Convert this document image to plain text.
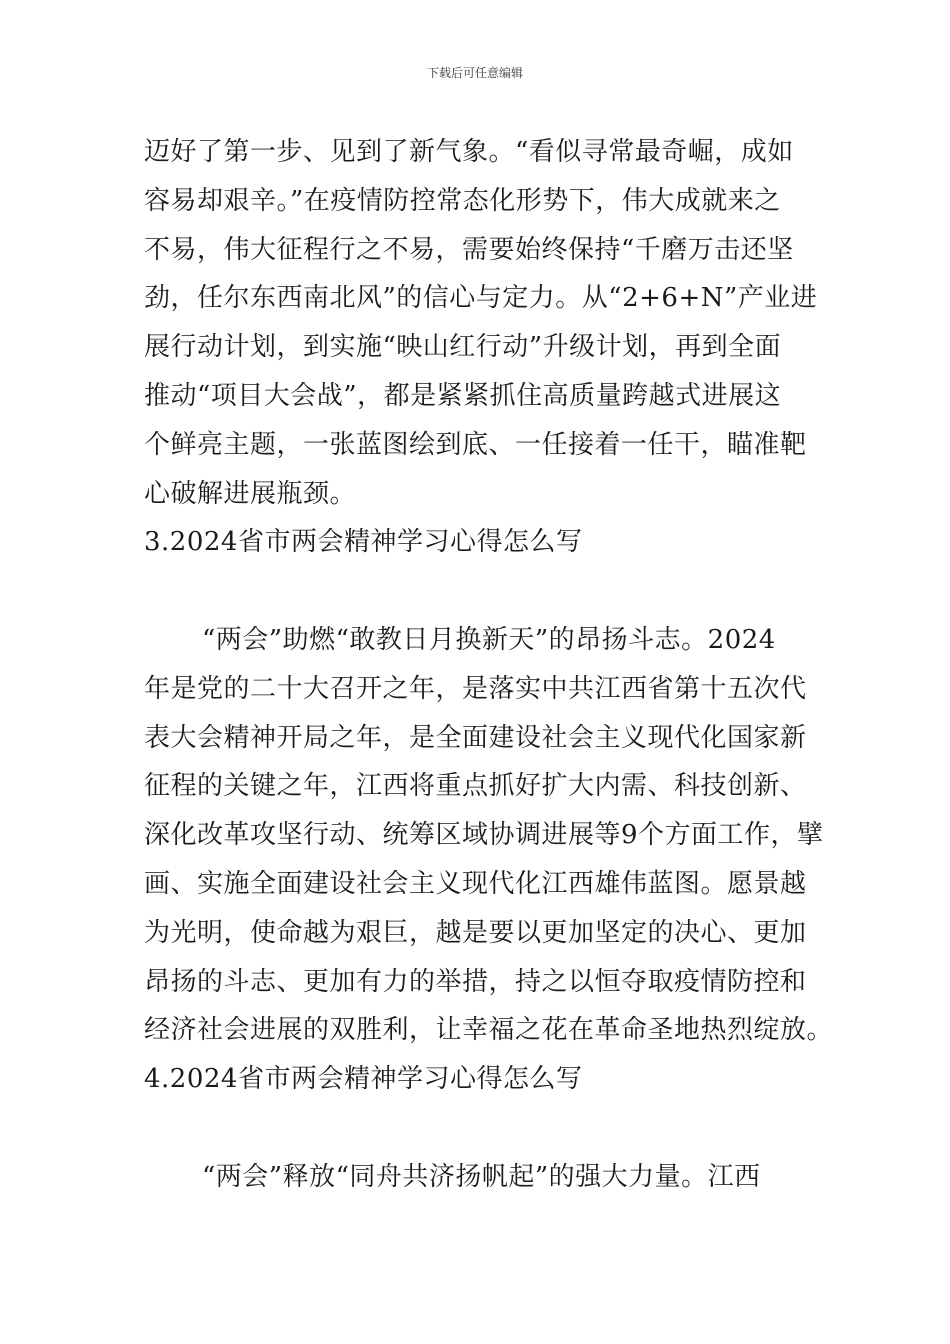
下载后可任意编辑
迈好了第一步、见到了新气象。“看似寻常最奇崛，成如
容易却艰辛。”在疫情防控常态化形势下，伟大成就来之
不易，伟大征程行之不易，需要始终保持“千磨万击还坚
劲，任尔东西南北风”的信心与定力。从“2+6+N”产业进
展行动计划，到实施“映山红行动”升级计划，再到全面
推动“项目大会战”，都是紧紧抓住高质量跨越式进展这
个鲜亮主题，一张蓝图绘到底、一任接着一任干，瞄准靶
心破解进展瓶颈。
3.2024省市两会精神学习心得怎么写
“两会”助燃“敢教日月换新天”的昂扬斗志。2024
年是党的二十大召开之年，是落实中共江西省第十五次代
表大会精神开局之年，是全面建设社会主义现代化国家新
征程的关键之年，江西将重点抓好扩大内需、科技创新、
深化改革攻坚行动、统筹区域协调进展等9个方面工作，擘
画、实施全面建设社会主义现代化江西雄伟蓝图。愿景越
为光明，使命越为艰巨，越是要以更加坚定的决心、更加
昂扬的斗志、更加有力的举措，持之以恒夺取疫情防控和
经济社会进展的双胜利，让幸福之花在革命圣地热烈绽放。
4.2024省市两会精神学习心得怎么写
“两会”释放“同舟共济扬帆起”的强大力量。江西
